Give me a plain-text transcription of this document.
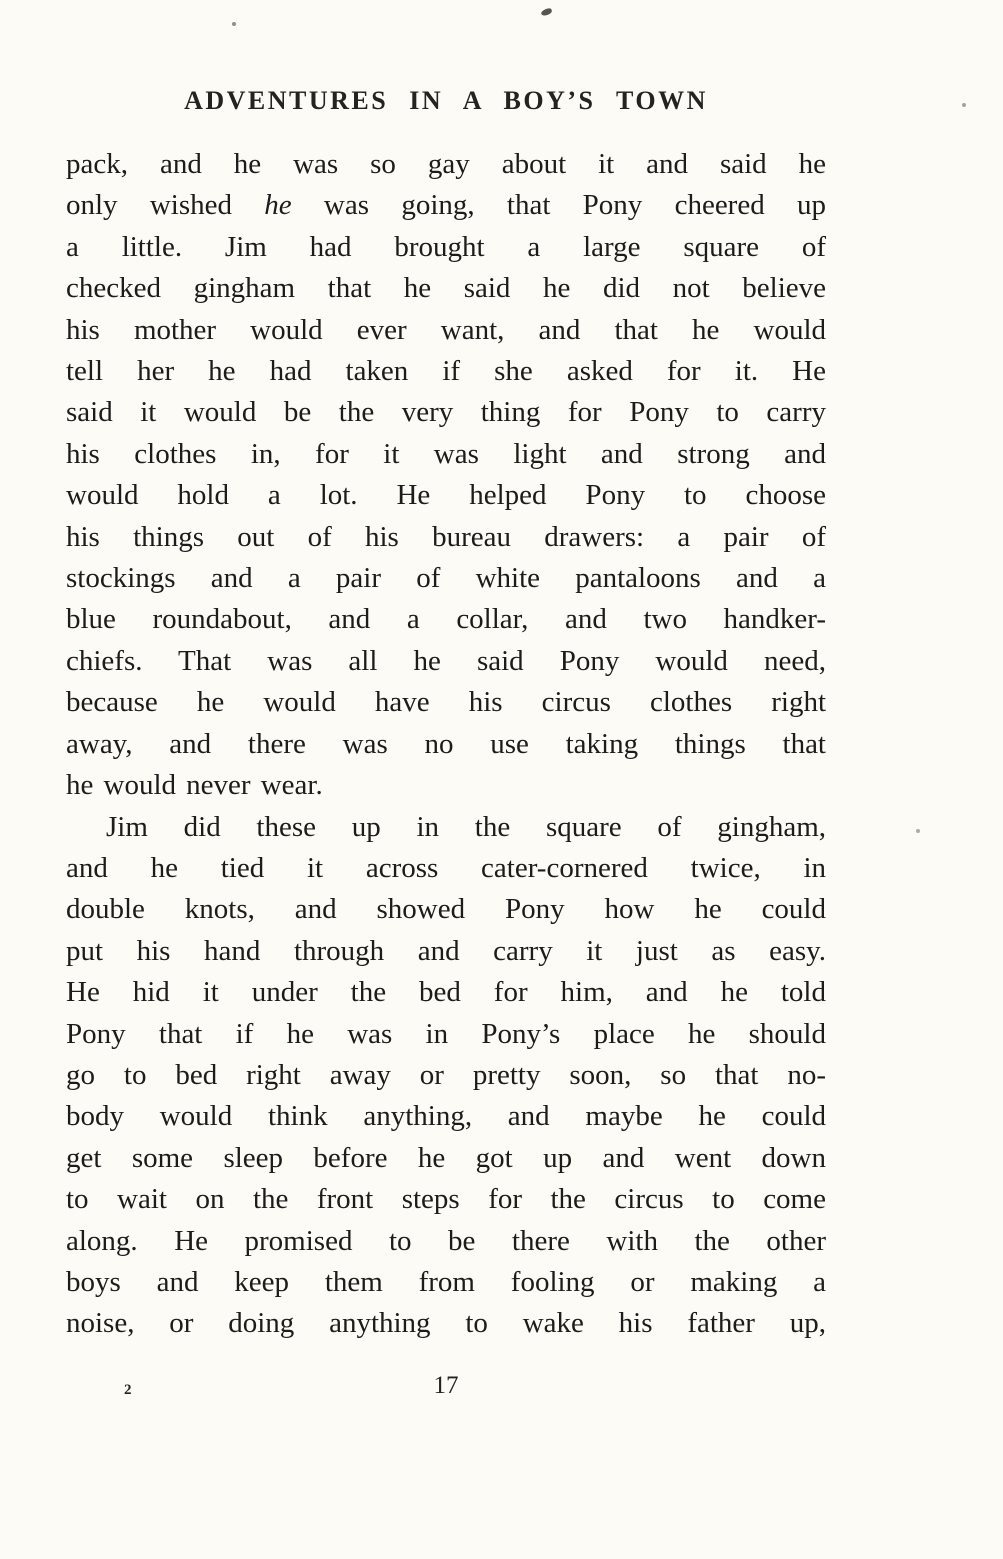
ADVENTURES IN A BOY’S TOWN
pack, and he was so gay about it and said he
only wished he was going, that Pony cheered up
a little. Jim had brought a large square of
checked gingham that he said he did not believe
his mother would ever want, and that he would
tell her he had taken if she asked for it. He
said it would be the very thing for Pony to carry
his clothes in, for it was light and strong and
would hold a lot. He helped Pony to choose
his things out of his bureau drawers: a pair of
stockings and a pair of white pantaloons and a
blue roundabout, and a collar, and two handker-
chiefs. That was all he said Pony would need,
because he would have his circus clothes right
away, and there was no use taking things that
he would never wear.
Jim did these up in the square of gingham,
and he tied it across cater-cornered twice, in
double knots, and showed Pony how he could
put his hand through and carry it just as easy.
He hid it under the bed for him, and he told
Pony that if he was in Pony’s place he should
go to bed right away or pretty soon, so that no-
body would think anything, and maybe he could
get some sleep before he got up and went down
to wait on the front steps for the circus to come
along. He promised to be there with the other
boys and keep them from fooling or making a
noise, or doing anything to wake his father up,
2	17
